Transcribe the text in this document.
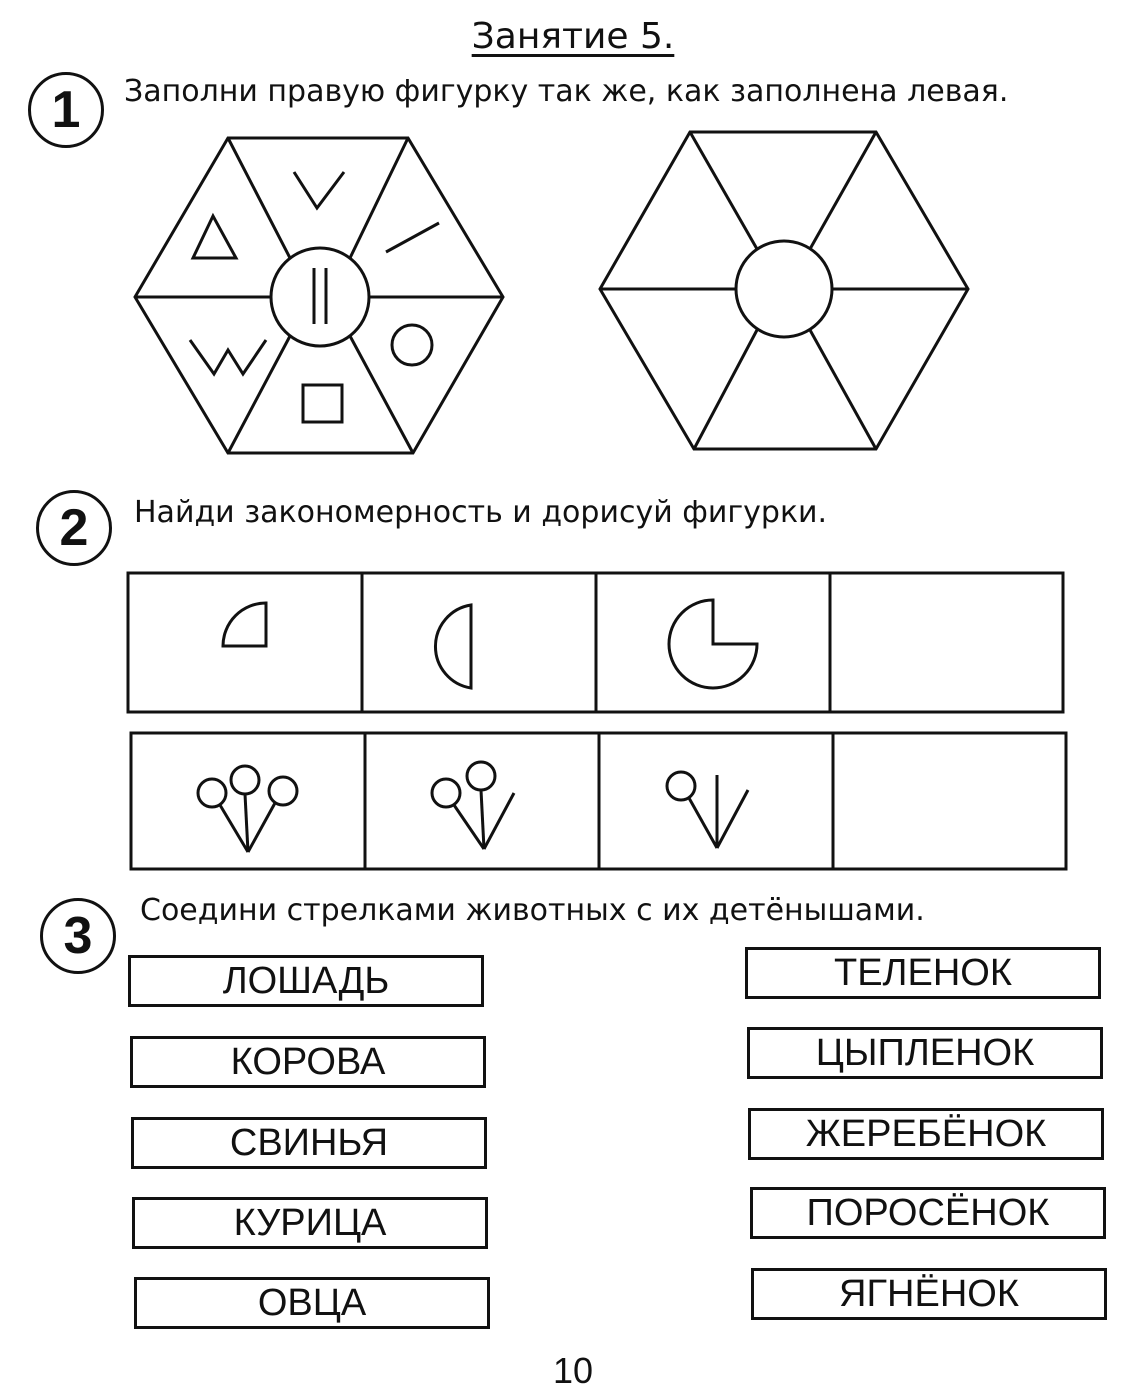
Занятие 5.
1	Заполни правую фигурку так же, как заполнена левая.
2	Найди закономерность и дорисуй фигурки.
3	Соедини стрелками животных с их детёнышами.
ЛОШАДЬ
КОРОВА
СВИНЬЯ
КУРИЦА
ОВЦА
ТЕЛЕНОК
ЦЫПЛЕНОК
ЖЕРЕБЁНОК
ПОРОСЁНОК
ЯГНЁНОК
10
